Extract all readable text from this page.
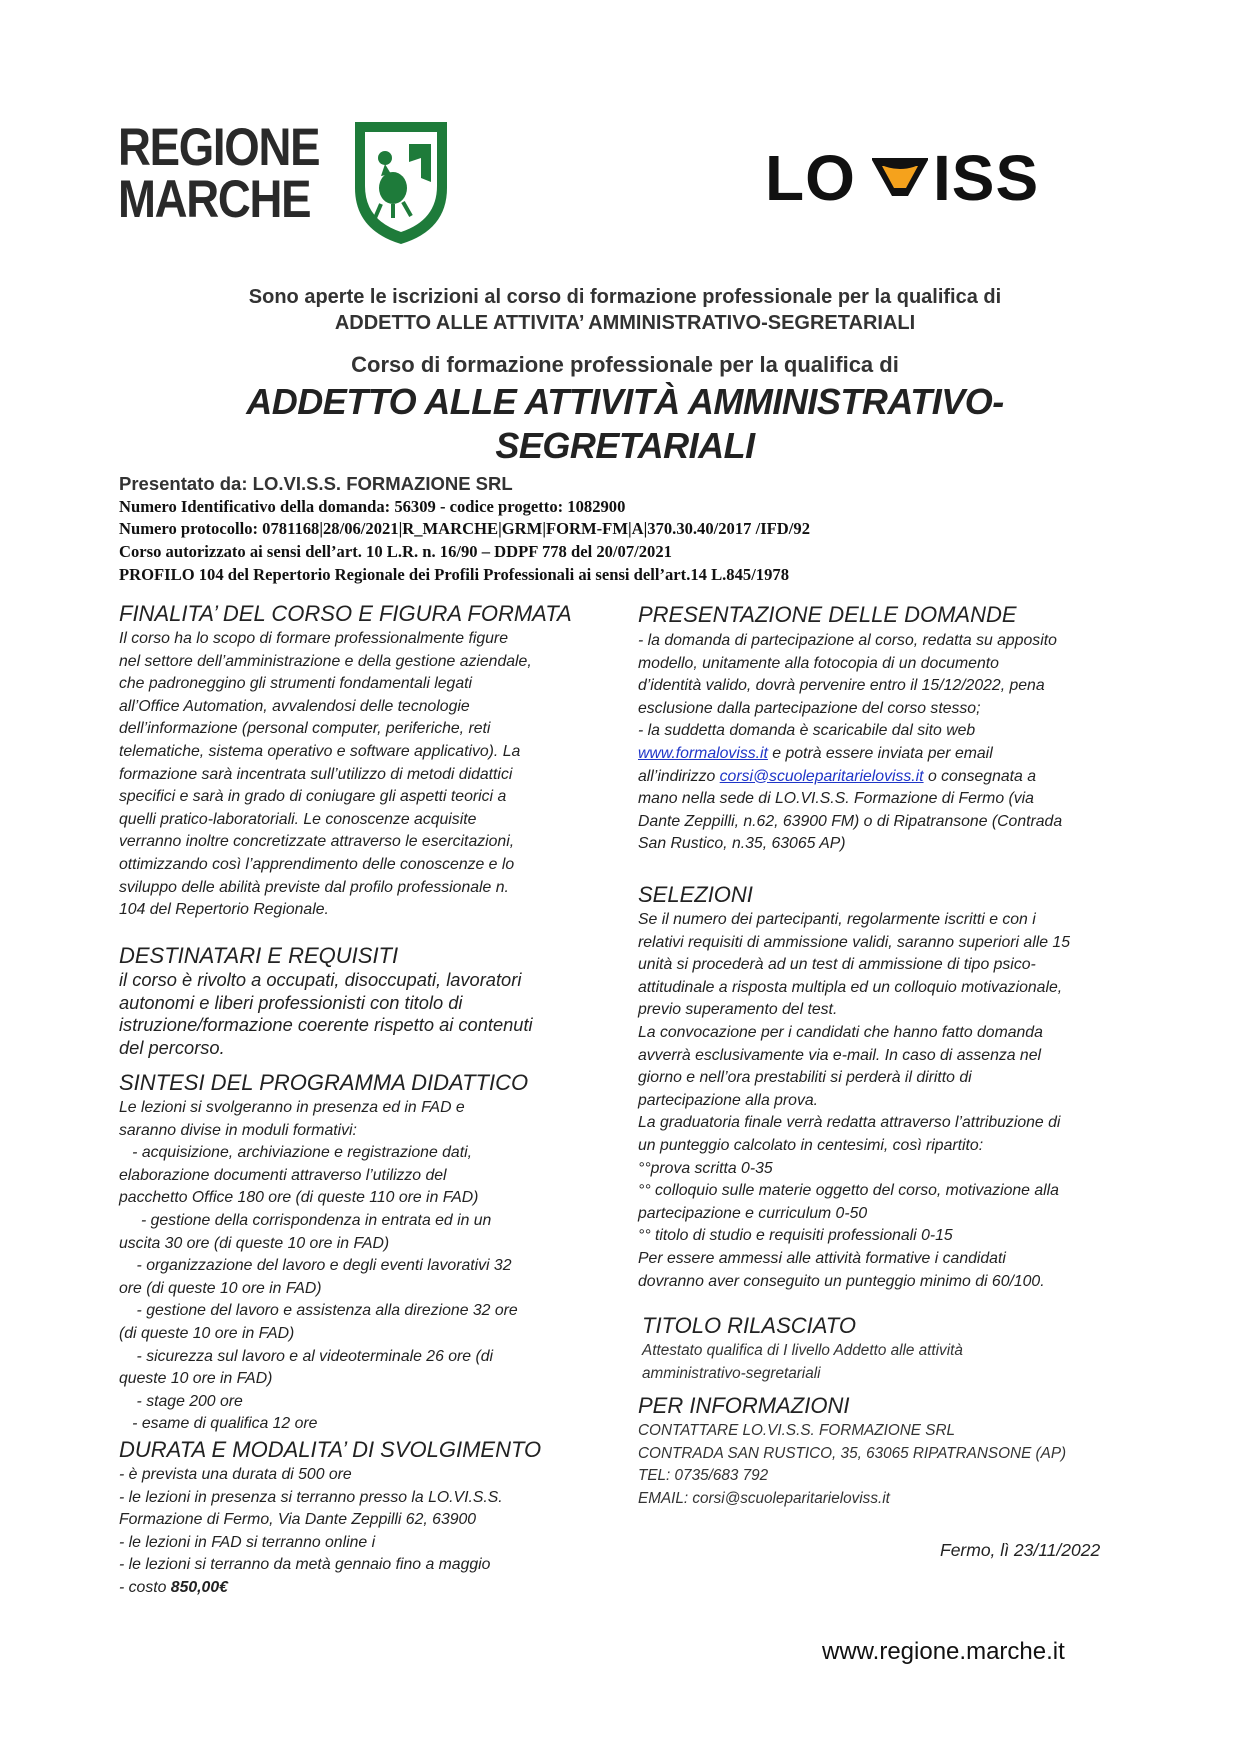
REGIONE
MARCHE	LO ISS
Sono aperte le iscrizioni al corso di formazione professionale per la qualifica di
ADDETTO ALLE ATTIVITA’ AMMINISTRATIVO-SEGRETARIALI
Corso di formazione professionale per la qualifica di
ADDETTO ALLE ATTIVITÀ AMMINISTRATIVO-
SEGRETARIALI
Presentato da: LO.VI.S.S. FORMAZIONE SRL
Numero Identificativo della domanda: 56309 - codice progetto: 1082900
Numero protocollo: 0781168|28/06/2021|R_MARCHE|GRM|FORM-FM|A|370.30.40/2017 /IFD/92
Corso autorizzato ai sensi dell’art. 10 L.R. n. 16/90 – DDPF 778 del 20/07/2021
PROFILO 104 del Repertorio Regionale dei Profili Professionali ai sensi dell’art.14 L.845/1978
FINALITA’ DEL CORSO E FIGURA FORMATA
Il corso ha lo scopo di formare professionalmente figure
nel settore dell’amministrazione e della gestione aziendale,
che padroneggino gli strumenti fondamentali legati
all’Office Automation, avvalendosi delle tecnologie
dell’informazione (personal computer, periferiche, reti
telematiche, sistema operativo e software applicativo). La
formazione sarà incentrata sull’utilizzo di metodi didattici
specifici e sarà in grado di coniugare gli aspetti teorici a
quelli pratico-laboratoriali. Le conoscenze acquisite
verranno inoltre concretizzate attraverso le esercitazioni,
ottimizzando così l’apprendimento delle conoscenze e lo
sviluppo delle abilità previste dal profilo professionale n.
104 del Repertorio Regionale.
DESTINATARI E REQUISITI
il corso è rivolto a occupati, disoccupati, lavoratori
autonomi e liberi professionisti con titolo di
istruzione/formazione coerente rispetto ai contenuti
del percorso.
SINTESI DEL PROGRAMMA DIDATTICO
Le lezioni si svolgeranno in presenza ed in FAD e
saranno divise in moduli formativi:
- acquisizione, archiviazione e registrazione dati,
elaborazione documenti attraverso l’utilizzo del
pacchetto Office 180 ore (di queste 110 ore in FAD)
- gestione della corrispondenza in entrata ed in un
uscita 30 ore (di queste 10 ore in FAD)
- organizzazione del lavoro e degli eventi lavorativi 32
ore (di queste 10 ore in FAD)
- gestione del lavoro e assistenza alla direzione 32 ore
(di queste 10 ore in FAD)
- sicurezza sul lavoro e al videoterminale 26 ore (di
queste 10 ore in FAD)
- stage 200 ore
- esame di qualifica 12 ore
DURATA E MODALITA’ DI SVOLGIMENTO
- è prevista una durata di 500 ore
- le lezioni in presenza si terranno presso la LO.VI.S.S.
Formazione di Fermo, Via Dante Zeppilli 62, 63900
- le lezioni in FAD si terranno online i
- le lezioni si terranno da metà gennaio fino a maggio
- costo 850,00€
PRESENTAZIONE DELLE DOMANDE
- la domanda di partecipazione al corso, redatta su apposito
modello, unitamente alla fotocopia di un documento
d’identità valido, dovrà pervenire entro il 15/12/2022, pena
esclusione dalla partecipazione del corso stesso;
- la suddetta domanda è scaricabile dal sito web
www.formaloviss.it e potrà essere inviata per email
all’indirizzo corsi@scuoleparitarieloviss.it o consegnata a
mano nella sede di LO.VI.S.S. Formazione di Fermo (via
Dante Zeppilli, n.62, 63900 FM) o di Ripatransone (Contrada
San Rustico, n.35, 63065 AP)
SELEZIONI
Se il numero dei partecipanti, regolarmente iscritti e con i
relativi requisiti di ammissione validi, saranno superiori alle 15
unità si procederà ad un test di ammissione di tipo psico-
attitudinale a risposta multipla ed un colloquio motivazionale,
previo superamento del test.
La convocazione per i candidati che hanno fatto domanda
avverrà esclusivamente via e-mail. In caso di assenza nel
giorno e nell’ora prestabiliti si perderà il diritto di
partecipazione alla prova.
La graduatoria finale verrà redatta attraverso l’attribuzione di
un punteggio calcolato in centesimi, così ripartito:
°°prova scritta 0-35
°° colloquio sulle materie oggetto del corso, motivazione alla
partecipazione e curriculum 0-50
°° titolo di studio e requisiti professionali 0-15
Per essere ammessi alle attività formative i candidati
dovranno aver conseguito un punteggio minimo di 60/100.
TITOLO RILASCIATO
Attestato qualifica di I livello Addetto alle attività
amministrativo-segretariali
PER INFORMAZIONI
CONTATTARE LO.VI.S.S. FORMAZIONE SRL
CONTRADA SAN RUSTICO, 35, 63065 RIPATRANSONE (AP)
TEL: 0735/683 792
EMAIL: corsi@scuoleparitarieloviss.it
Fermo, lì 23/11/2022
www.regione.marche.it
